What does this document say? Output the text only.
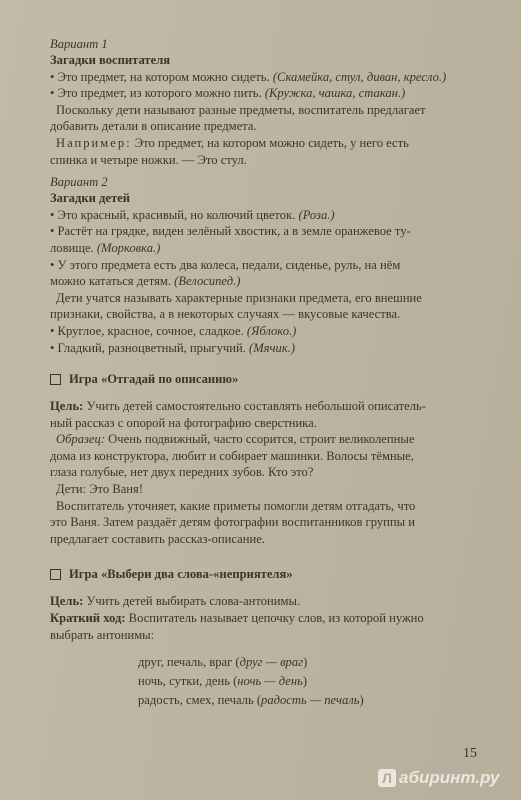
Вариант 1

Загадки воспитателя

• Это предмет, на котором можно сидеть. (Скамейка, стул, диван, кресло.)

• Это предмет, из которого можно пить. (Кружка, чашка, стакан.)

Поскольку дети называют разные предметы, воспитатель предлагает

добавить детали в описание предмета.

Например: Это предмет, на котором можно сидеть, у него есть

спинка и четыре ножки. — Это стул.

Вариант 2

Загадки детей

• Это красный, красивый, но колючий цветок. (Роза.)

• Растёт на грядке, виден зелёный хвостик, а в земле оранжевое ту-

ловище. (Морковка.)

• У этого предмета есть два колеса, педали, сиденье, руль, на нём

можно кататься детям. (Велосипед.)

Дети учатся называть характерные признаки предмета, его внешние

признаки, свойства, а в некоторых случаях — вкусовые качества.

• Круглое, красное, сочное, сладкое. (Яблоко.)

• Гладкий, разноцветный, прыгучий. (Мячик.)

Игра «Отгадай по описанию»

Цель: Учить детей самостоятельно составлять небольшой описатель-

ный рассказ с опорой на фотографию сверстника.

Образец: Очень подвижный, часто ссорится, строит великолепные

дома из конструктора, любит и собирает машинки. Волосы тёмные,

глаза голубые, нет двух передних зубов. Кто это?

Дети: Это Ваня!

Воспитатель уточняет, какие приметы помогли детям отгадать, что

это Ваня. Затем раздаёт детям фотографии воспитанников группы и

предлагает составить рассказ-описание.

Игра «Выбери два слова-«неприятеля»

Цель: Учить детей выбирать слова-антонимы.

Краткий ход: Воспитатель называет цепочку слов, из которой нужно

выбрать антонимы:

друг, печаль, враг (друг — враг)

ночь, сутки, день (ночь — день)

радость, смех, печаль (радость — печаль)

15
Л абиринт.ру
